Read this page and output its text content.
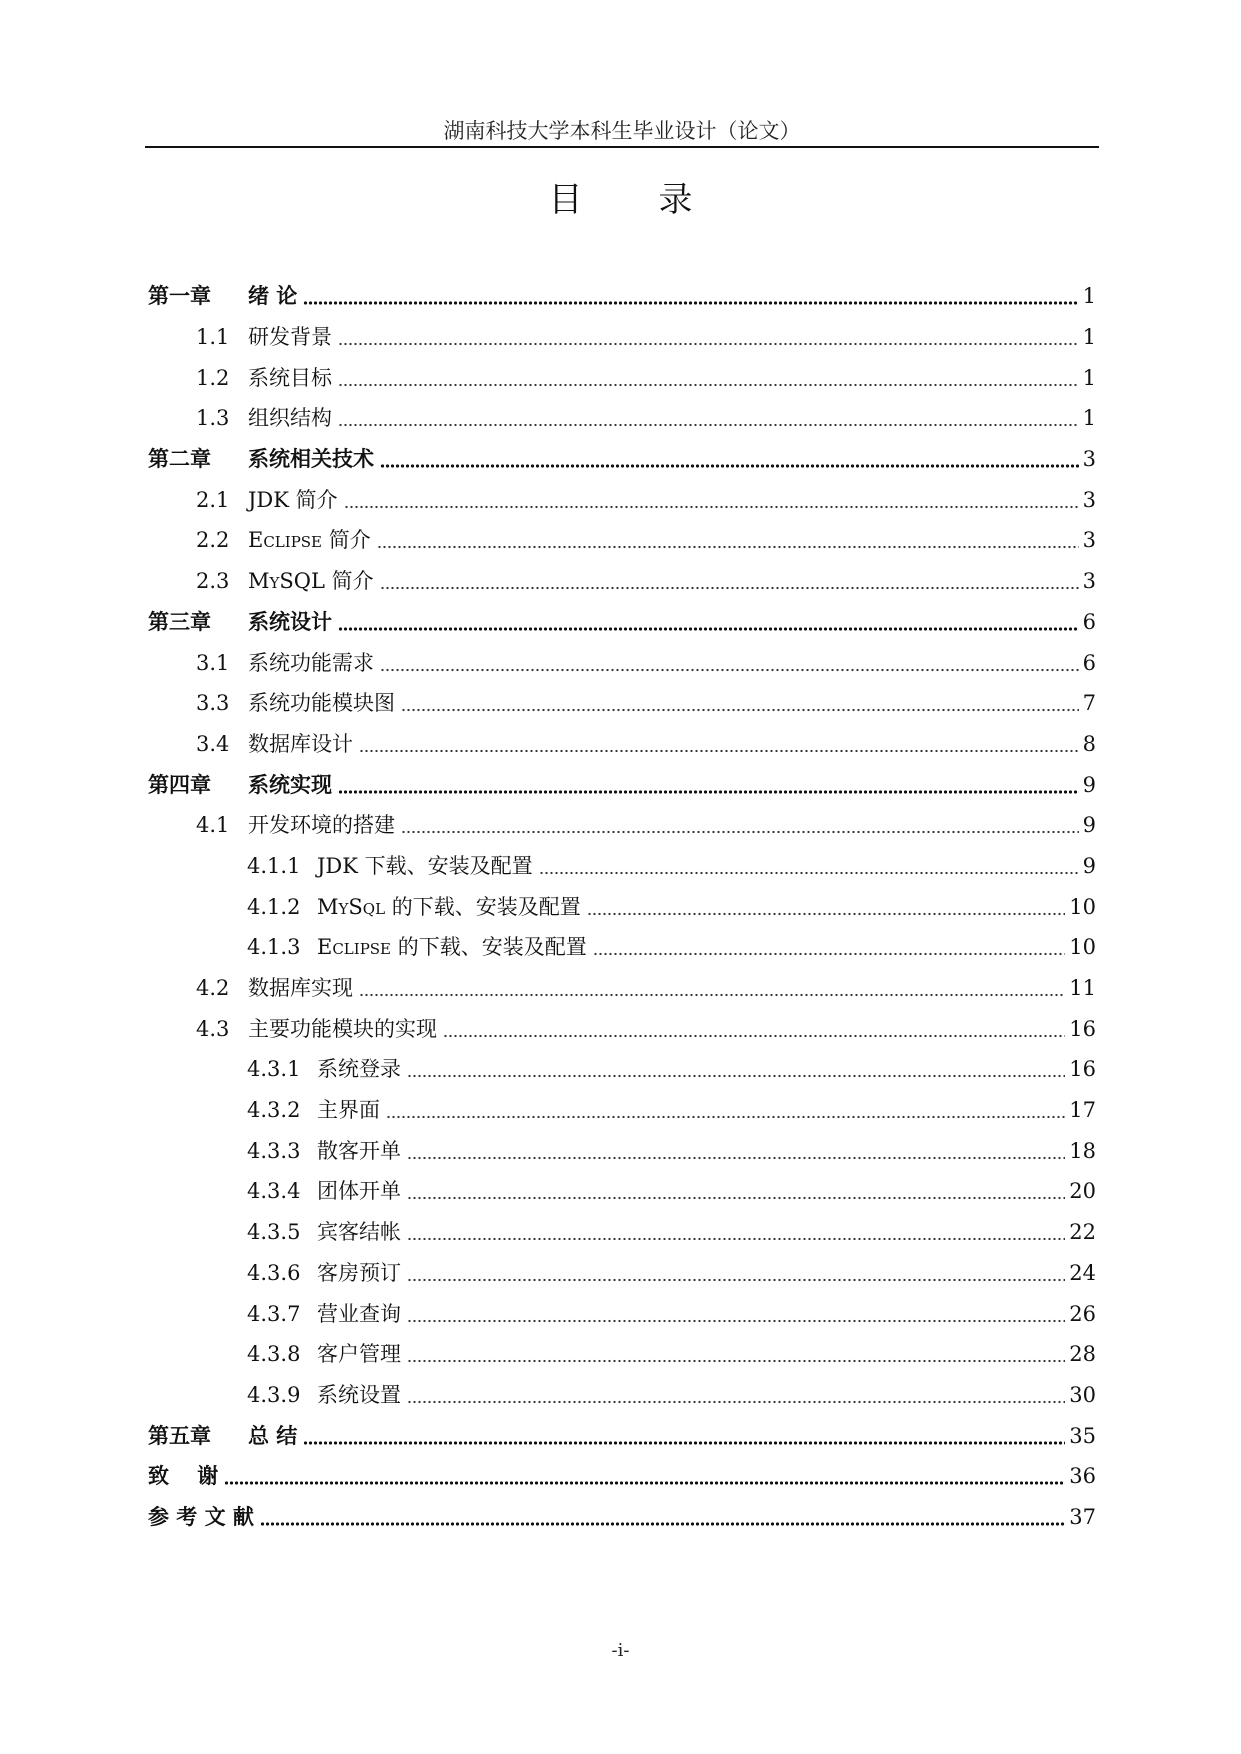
湖南科技大学本科生毕业设计（论文）
目 录
第一章	绪 论	1
1.1 研发背景	1
1.2 系统目标	1
1.3 组织结构	1
第二章	系统相关技术	3
2.1 JDK 简介	3
2.2 Eclipse 简介	3
2.3 MySQL 简介	3
第三章	系统设计	6
3.1 系统功能需求	6
3.3 系统功能模块图	7
3.4 数据库设计	8
第四章	系统实现	9
4.1 开发环境的搭建	9
4.1.1 JDK 下载、安装及配置	9
4.1.2 MySql 的下载、安装及配置	10
4.1.3 Eclipse 的下载、安装及配置	10
4.2 数据库实现	11
4.3 主要功能模块的实现	16
4.3.1 系统登录	16
4.3.2 主界面	17
4.3.3 散客开单	18
4.3.4 团体开单	20
4.3.5 宾客结帐	22
4.3.6 客房预订	24
4.3.7 营业查询	26
4.3.8 客户管理	28
4.3.9 系统设置	30
第五章	总 结	35
致　 谢	36
参 考 文 献	37
-i-
